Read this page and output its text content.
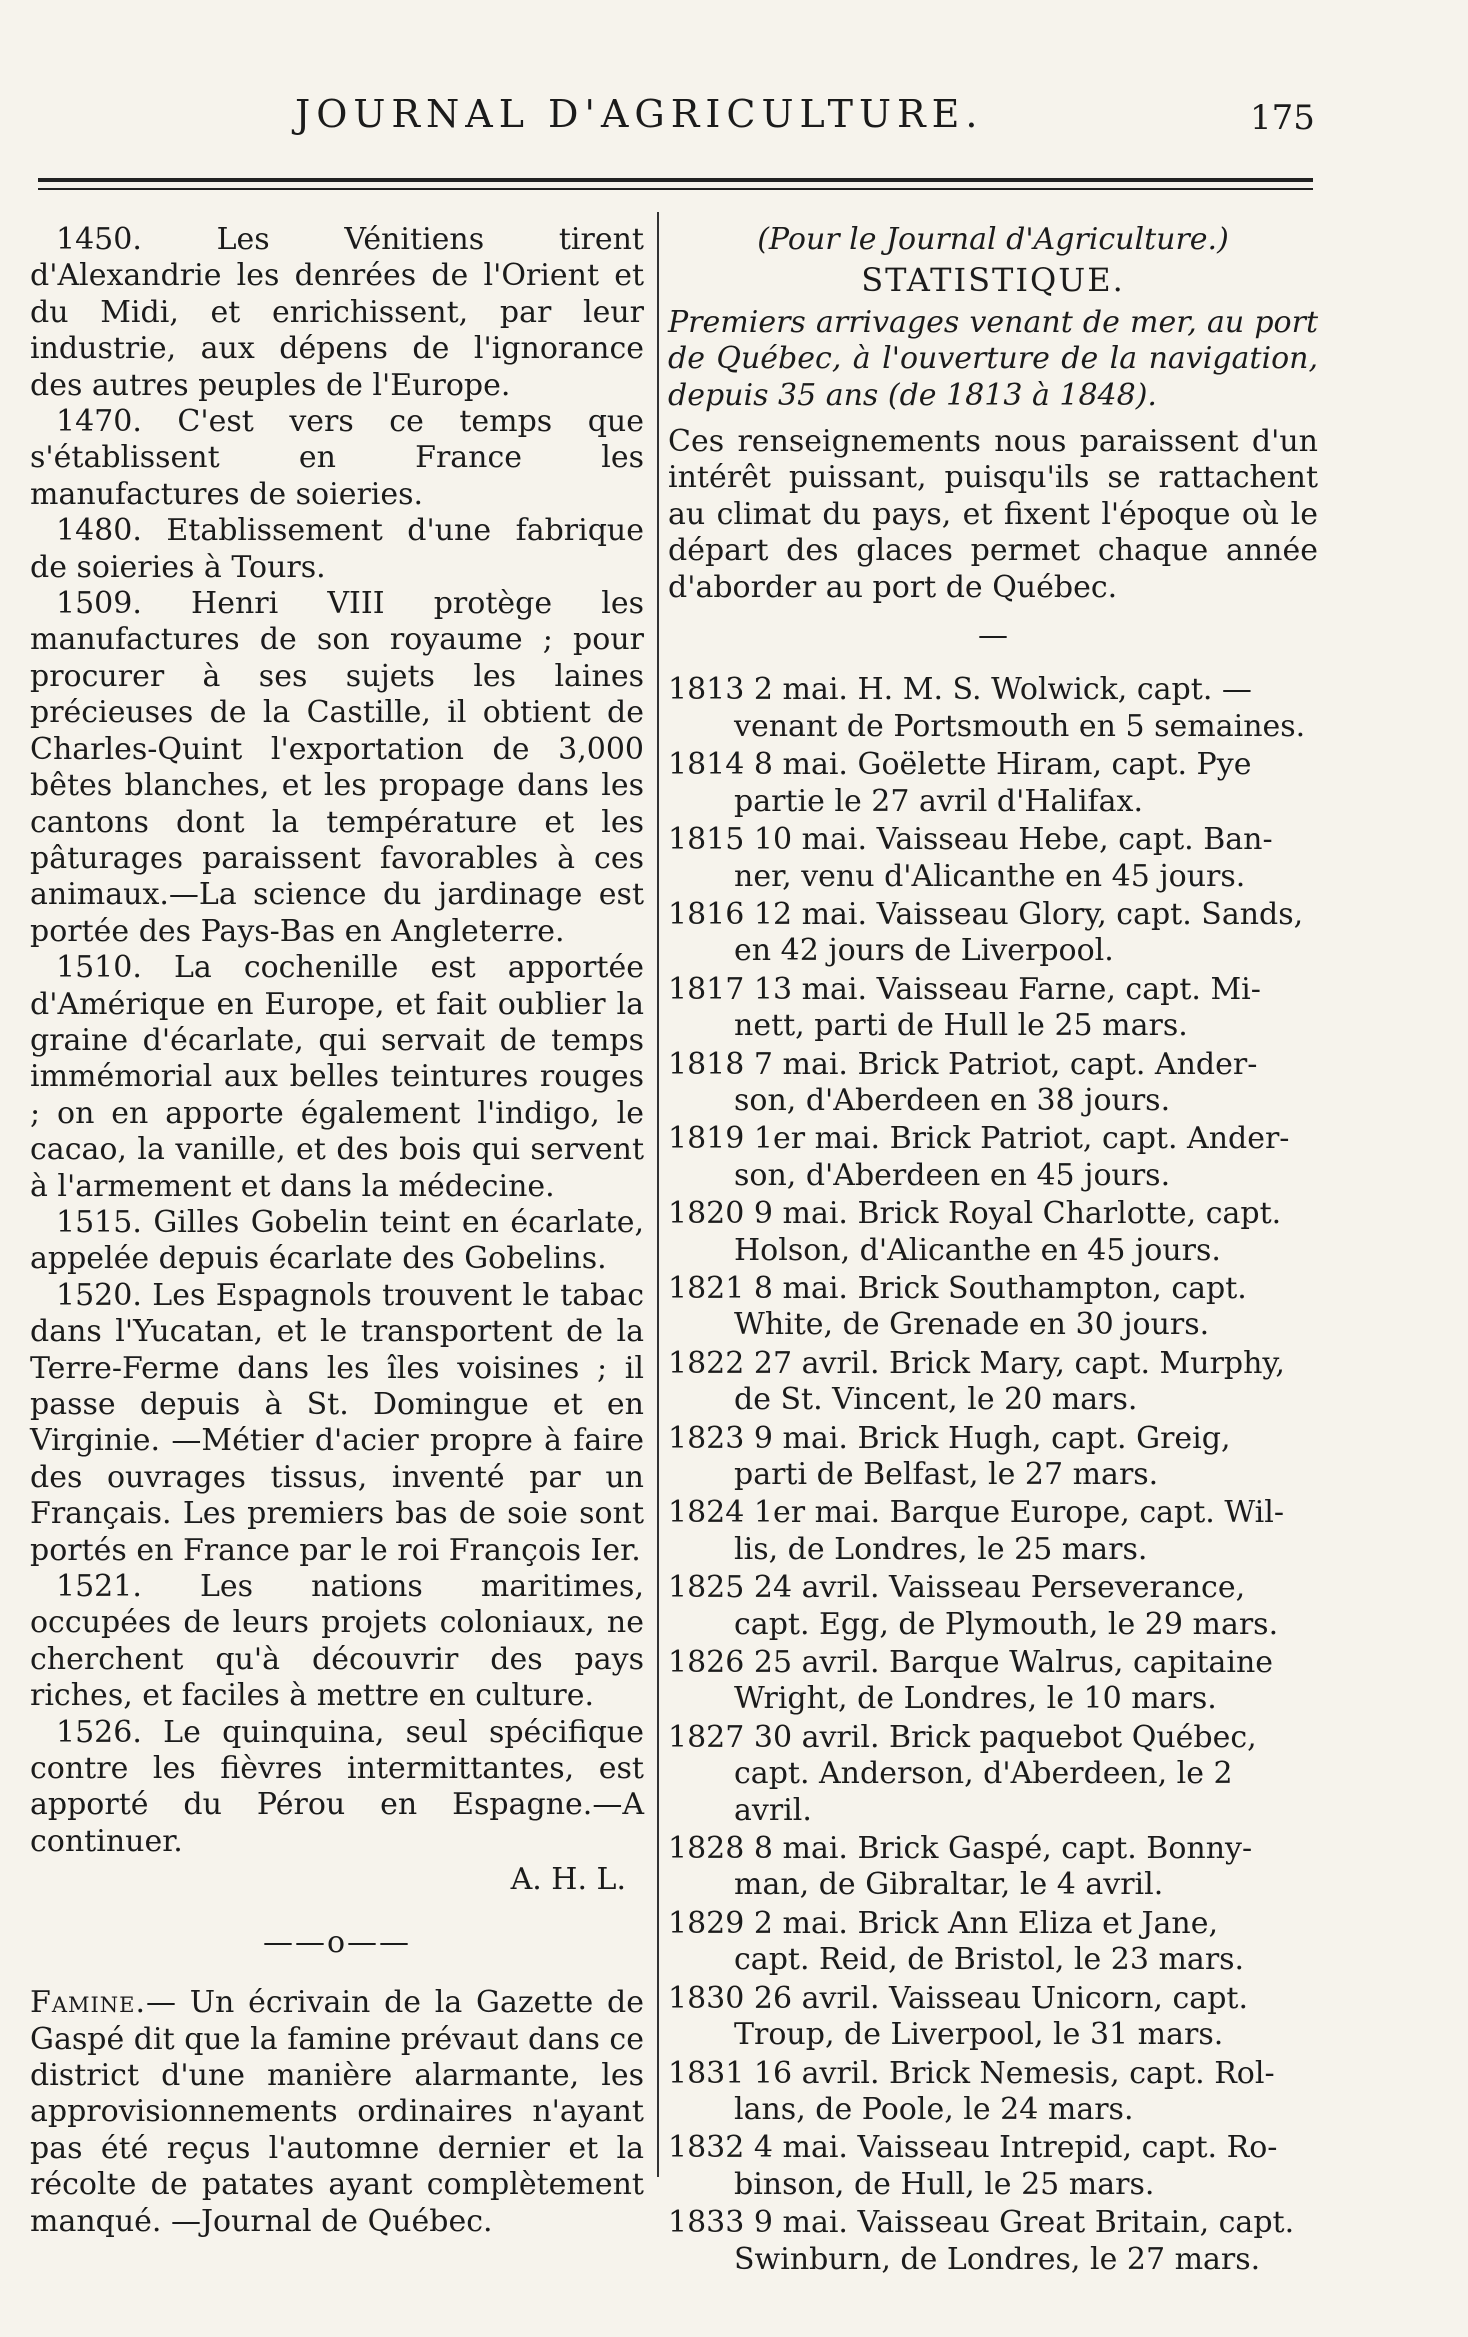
JOURNAL D'AGRICULTURE.	175

1450. Les Vénitiens tirent d'Alexandrie les denrées de l'Orient et du Midi, et enrichissent, par leur industrie, aux dépens de l'ignorance des autres peuples de l'Europe.

1470. C'est vers ce temps que s'établissent en France les manufactures de soieries.

1480. Etablissement d'une fabrique de soieries à Tours.

1509. Henri VIII protège les manufactures de son royaume ; pour procurer à ses sujets les laines précieuses de la Castille, il obtient de Charles-Quint l'exportation de 3,000 bêtes blanches, et les propage dans les cantons dont la température et les pâturages paraissent favorables à ces animaux.—La science du jardinage est portée des Pays-Bas en Angleterre.

1510. La cochenille est apportée d'Amérique en Europe, et fait oublier la graine d'écarlate, qui servait de temps immémorial aux belles teintures rouges ; on en apporte également l'indigo, le cacao, la vanille, et des bois qui servent à l'armement et dans la médecine.

1515. Gilles Gobelin teint en écarlate, appelée depuis écarlate des Gobelins.

1520. Les Espagnols trouvent le tabac dans l'Yucatan, et le transportent de la Terre-Ferme dans les îles voisines ; il passe depuis à St. Domingue et en Virginie. —Métier d'acier propre à faire des ouvrages tissus, inventé par un Français. Les premiers bas de soie sont portés en France par le roi François Ier.

1521. Les nations maritimes, occupées de leurs projets coloniaux, ne cherchent qu'à découvrir des pays riches, et faciles à mettre en culture.

1526. Le quinquina, seul spécifique contre les fièvres intermittantes, est apporté du Pérou en Espagne.—A continuer.

A. H. L.

——o——

Famine.— Un écrivain de la Gazette de Gaspé dit que la famine prévaut dans ce district d'une manière alarmante, les approvisionnements ordinaires n'ayant pas été reçus l'automne dernier et la récolte de patates ayant complètement manqué. —Journal de Québec.

(Pour le Journal d'Agriculture.)

STATISTIQUE.

Premiers arrivages venant de mer, au port de Québec, à l'ouverture de la navigation, depuis 35 ans (de 1813 à 1848).

Ces renseignements nous paraissent d'un intérêt puissant, puisqu'ils se rattachent au climat du pays, et fixent l'époque où le départ des glaces permet chaque année d'aborder au port de Québec.

—

1813 2 mai. H. M. S. Wolwick, capt. —
venant de Portsmouth en 5 semaines.
1814 8 mai. Goëlette Hiram, capt. Pye
partie le 27 avril d'Halifax.
1815 10 mai. Vaisseau Hebe, capt. Ban-
ner, venu d'Alicanthe en 45 jours.
1816 12 mai. Vaisseau Glory, capt. Sands,
en 42 jours de Liverpool.
1817 13 mai. Vaisseau Farne, capt. Mi-
nett, parti de Hull le 25 mars.
1818 7 mai. Brick Patriot, capt. Ander-
son, d'Aberdeen en 38 jours.
1819 1er mai. Brick Patriot, capt. Ander-
son, d'Aberdeen en 45 jours.
1820 9 mai. Brick Royal Charlotte, capt.
Holson, d'Alicanthe en 45 jours.
1821 8 mai. Brick Southampton, capt.
White, de Grenade en 30 jours.
1822 27 avril. Brick Mary, capt. Murphy,
de St. Vincent, le 20 mars.
1823 9 mai. Brick Hugh, capt. Greig,
parti de Belfast, le 27 mars.
1824 1er mai. Barque Europe, capt. Wil-
lis, de Londres, le 25 mars.
1825 24 avril. Vaisseau Perseverance,
capt. Egg, de Plymouth, le 29 mars.
1826 25 avril. Barque Walrus, capitaine
Wright, de Londres, le 10 mars.
1827 30 avril. Brick paquebot Québec,
capt. Anderson, d'Aberdeen, le 2 avril.
1828 8 mai. Brick Gaspé, capt. Bonny-
man, de Gibraltar, le 4 avril.
1829 2 mai. Brick Ann Eliza et Jane,
capt. Reid, de Bristol, le 23 mars.
1830 26 avril. Vaisseau Unicorn, capt.
Troup, de Liverpool, le 31 mars.
1831 16 avril. Brick Nemesis, capt. Rol-
lans, de Poole, le 24 mars.
1832 4 mai. Vaisseau Intrepid, capt. Ro-
binson, de Hull, le 25 mars.
1833 9 mai. Vaisseau Great Britain, capt.
Swinburn, de Londres, le 27 mars.
